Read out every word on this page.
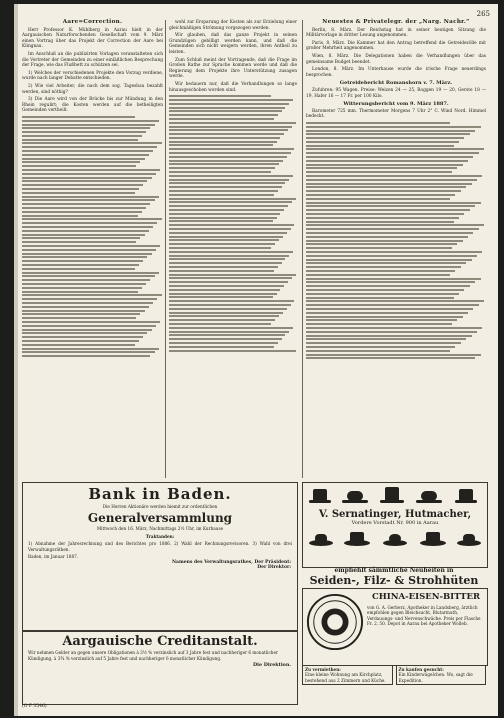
265
Aare=Correction.

Herr Professor K. Mühlberg in Aarau hielt in der Aargauischen Naturforschenden Gesellschaft vom 9. März einen Vortrag über das Projekt der Correction der Aare bei Klingnau.

Im Anschluß an die publizirten Vorlagen veranstalteten sich die Vertreter der Gemeinden zu einer einläßlichen Besprechung der Frage, wie das Flußbett zu schützen sei.

1) Welches der verschiedenen Projekte den Vorzug verdiene, wurde nach langer Debatte entschieden.

2) Wie viel Arbeiter, die nach dem sog. Tagesbau bezahlt werden, sind nöthig?

3) Die Aare wird von der Brücke bis zur Mündung in den Rhein regulirt; die Kosten werden auf die betheiligten Gemeinden vertheilt.

wohl zur Ersparung der Kosten als zur Erzielung einer gleichmäßigen Strömung vorgezogen werden.

Wir glauben, daß das ganze Projekt in seinen Grundzügen gebilligt werden kann, und daß die Gemeinden sich nicht weigern werden, ihren Antheil zu leisten.

Zum Schluß meint der Vortragende, daß die Frage im Großen Rathe zur Sprache kommen werde und daß die Regierung dem Projekte ihre Unterstützung zusagen werde.

Wir bedauern nur, daß die Verhandlungen so lange hinausgeschoben worden sind.

Neuestes & Privatelegr. der „Narg. Nachr.“

Berlin, 8. März. Der Reichstag hat in seiner heutigen Sitzung die Militärvorlage in dritter Lesung angenommen.

Paris, 8. März. Die Kammer hat den Antrag betreffend die Getreidezölle mit großer Mehrheit angenommen.

Wien, 8. März. Die Delegationen haben die Verhandlungen über das gemeinsame Budget beendet.

London, 8. März. Im Unterhause wurde die irische Frage neuerdings besprochen.

Getreidebericht Romanshorn v. 7. März.

Zufuhren: 95 Wagen. Preise: Weizen 24 — 25, Roggen 19 — 20, Gerste 18 — 19, Hafer 16 — 17 Fr. per 100 Kilo.

Witterungsbericht vom 9. März 1887.

Barometer 725 mm. Thermometer Morgens 7 Uhr 2° C. Wind Nord. Himmel bedeckt.

Bank in Baden.
Die Herren Aktionäre werden hiemit zur ordentlichen
Generalversammlung
Mittwoch den 16. März, Nachmittags 2½ Uhr, im Kurhause
Traktanden:
1) Abnahme der Jahresrechnung und des Berichtes pro 1886. 2) Wahl der Rechnungsrevisoren. 3) Wahl von drei Verwaltungsräthen.
Baden, im Januar 1887.
Namens des Verwaltungsrathes, Der Präsident:
Der Direktor:
Aargauische Creditanstalt.
Wir nehmen Gelder an gegen unsere Obligationen à 3½ % verzinslich auf 3 Jahre fest und nachheriger 6 monatlicher Kündigung, à 3¾ % verzinslich auf 5 Jahre fest und nachheriger 6 monatlicher Kündigung.
Die Direktion.
V. Sernatinger, Hutmacher,
Vordere Vorstadt Nr. 900 in Aarau
empfiehlt sämmtliche Neuheiten in
Seiden-, Filz- & Strohhüten
CHINA-EISEN-BITTER
von G. A. Gerberz, Apotheker in Landsberg, ärztlich empfohlen gegen Bleichsucht, Blutarmuth, Verdauungs- und Nervenschwäche. Preis per Flasche Fr. 2. 50. Depot in Aarau bei Apotheker Wolleb.
Zu vermiethen:
Eine kleine Wohnung am Kirchplatz, bestehend aus 2 Zimmern und Küche.
Zu kaufen gesucht:
Ein Kinderwägelchen. Wo, sagt die Expedition.
(O F 3546)
